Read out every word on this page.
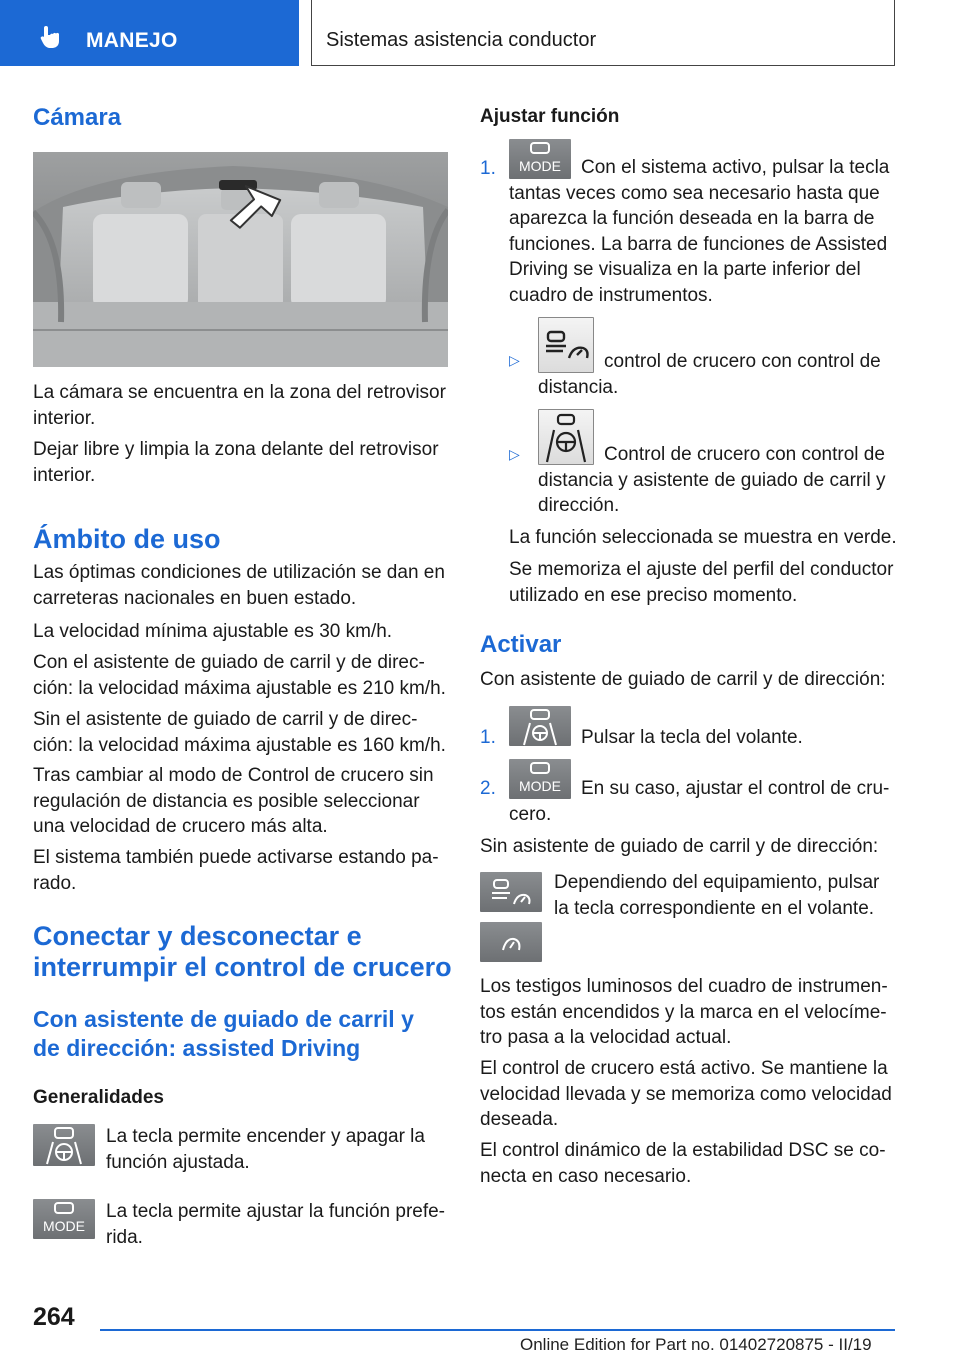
MANEJO	Sistemas asistencia conductor
Cámara
La cámara se encuentra en la zona del retrovisor
interior.
Dejar libre y limpia la zona delante del retrovisor
interior.
Ámbito de uso
Las óptimas condiciones de utilización se dan en
carreteras nacionales en buen estado.
La velocidad mínima ajustable es 30 km/h.
Con el asistente de guiado de carril y de direc‐
ción: la velocidad máxima ajustable es 210 km/h.
Sin el asistente de guiado de carril y de direc‐
ción: la velocidad máxima ajustable es 160 km/h.
Tras cambiar al modo de Control de crucero sin
regulación de distancia es posible seleccionar
una velocidad de crucero más alta.
El sistema también puede activarse estando pa‐
rado.
Conectar y desconectar e
interrumpir el control de crucero
Con asistente de guiado de carril y
de dirección: assisted Driving
Generalidades
La tecla permite encender y apagar la
función ajustada.
MODE
La tecla permite ajustar la función prefe‐
rida.
Ajustar función
1. MODE	Con el sistema activo, pulsar la tecla
tantas veces como sea necesario hasta que
aparezca la función deseada en la barra de
funciones. La barra de funciones de Assisted
Driving se visualiza en la parte inferior del
cuadro de instrumentos.
▷	control de crucero con control de
distancia.
▷	Control de crucero con control de
distancia y asistente de guiado de carril y
dirección.
La función seleccionada se muestra en verde.
Se memoriza el ajuste del perfil del conductor
utilizado en ese preciso momento.
Activar
Con asistente de guiado de carril y de dirección:
1.	Pulsar la tecla del volante.
2. MODE	En su caso, ajustar el control de cru‐
cero.
Sin asistente de guiado de carril y de dirección:
Dependiendo del equipamiento, pulsar
la tecla correspondiente en el volante.
Los testigos luminosos del cuadro de instrumen‐
tos están encendidos y la marca en el velocíme‐
tro pasa a la velocidad actual.
El control de crucero está activo. Se mantiene la
velocidad llevada y se memoriza como velocidad
deseada.
El control dinámico de la estabilidad DSC se co‐
necta en caso necesario.
264
Online Edition for Part no. 01402720875 - II/19
